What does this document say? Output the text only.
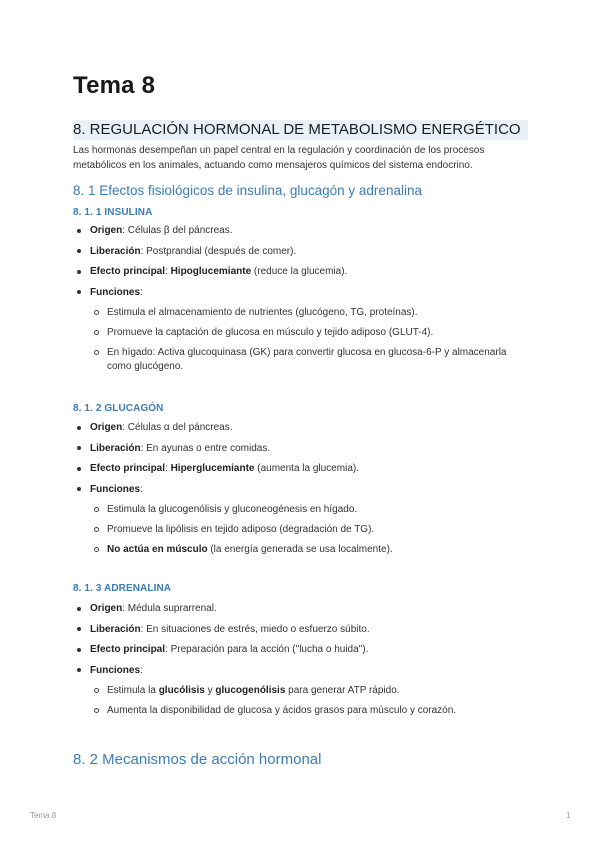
Tema 8
8. REGULACIÓN HORMONAL DE METABOLISMO ENERGÉTICO

Las hormonas desempeñan un papel central en la regulación y coordinación de los procesos metabólicos en los animales, actuando como mensajeros químicos del sistema endocrino.

8. 1 Efectos fisiológicos de insulina, glucagón y adrenalina
8. 1. 1 INSULINA
Origen: Células β del páncreas.
Liberación: Postprandial (después de comer).
Efecto principal: Hipoglucemiante (reduce la glucemia).
Funciones:
Estimula el almacenamiento de nutrientes (glucógeno, TG, proteínas).
Promueve la captación de glucosa en músculo y tejido adiposo (GLUT-4).
En hígado: Activa glucoquinasa (GK) para convertir glucosa en glucosa-6-P y almacenarla como glucógeno.
8. 1. 2 GLUCAGÓN
Origen: Células α del páncreas.
Liberación: En ayunas o entre comidas.
Efecto principal: Hiperglucemiante (aumenta la glucemia).
Funciones:
Estimula la glucogenólisis y gluconeogénesis en hígado.
Promueve la lipólisis en tejido adiposo (degradación de TG).
No actúa en músculo (la energía generada se usa localmente).
8. 1. 3 ADRENALINA
Origen: Médula suprarrenal.
Liberación: En situaciones de estrés, miedo o esfuerzo súbito.
Efecto principal: Preparación para la acción ("lucha o huida").
Funciones:
Estimula la glucólisis y glucogenólisis para generar ATP rápido.
Aumenta la disponibilidad de glucosa y ácidos grasos para músculo y corazón.
8. 2 Mecanismos de acción hormonal
Tema 8	1
